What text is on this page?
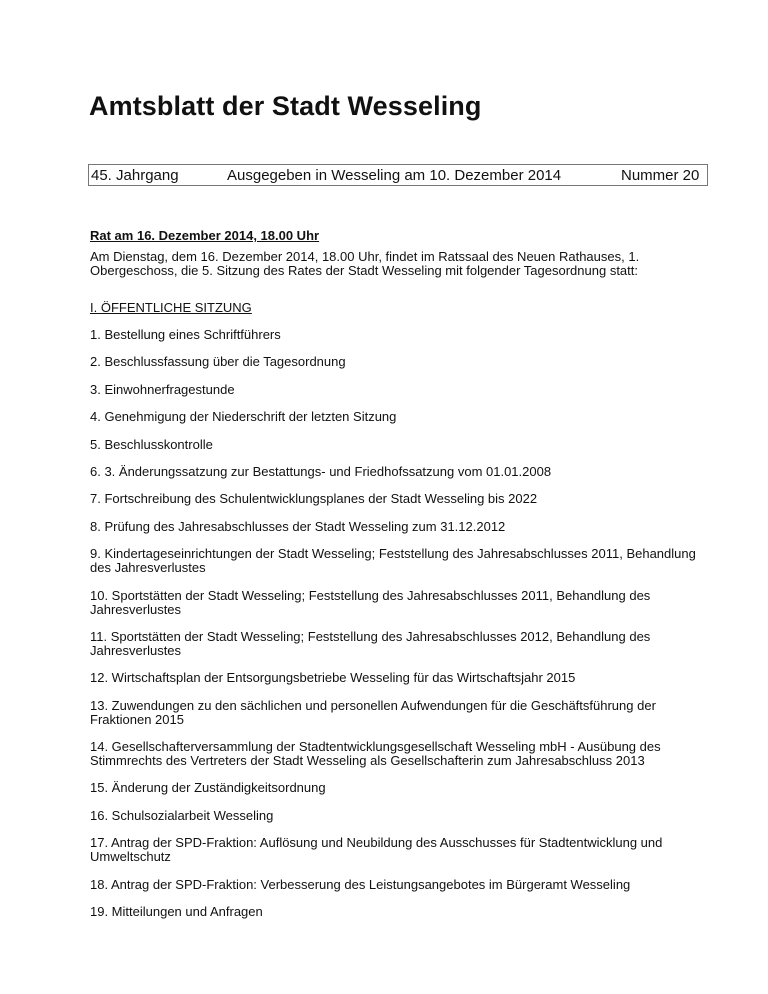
Amtsblatt der Stadt Wesseling
45. Jahrgang	Ausgegeben in Wesseling am 10. Dezember 2014	Nummer 20
Rat am 16. Dezember 2014, 18.00 Uhr
Am Dienstag, dem 16. Dezember 2014, 18.00 Uhr, findet im Ratssaal des Neuen Rathauses, 1. Obergeschoss, die 5. Sitzung des Rates der Stadt Wesseling mit folgender Tagesordnung statt:
I. ÖFFENTLICHE SITZUNG
1. Bestellung eines Schriftführers
2. Beschlussfassung über die Tagesordnung
3. Einwohnerfragestunde
4. Genehmigung der Niederschrift der letzten Sitzung
5. Beschlusskontrolle
6. 3. Änderungssatzung zur Bestattungs- und Friedhofssatzung vom 01.01.2008
7. Fortschreibung des Schulentwicklungsplanes der Stadt Wesseling bis 2022
8. Prüfung des Jahresabschlusses der Stadt Wesseling zum 31.12.2012
9. Kindertageseinrichtungen der Stadt Wesseling; Feststellung des Jahresabschlusses 2011, Behandlung des Jahresverlustes
10. Sportstätten der Stadt Wesseling; Feststellung des Jahresabschlusses 2011, Behandlung des Jahresverlustes
11. Sportstätten der Stadt Wesseling; Feststellung des Jahresabschlusses 2012, Behandlung des Jahresverlustes
12. Wirtschaftsplan der Entsorgungsbetriebe Wesseling für das Wirtschaftsjahr 2015
13. Zuwendungen zu den sächlichen und personellen Aufwendungen für die Geschäftsführung der Fraktionen 2015
14. Gesellschafterversammlung der Stadtentwicklungsgesellschaft Wesseling mbH - Ausübung des Stimmrechts des Vertreters der Stadt Wesseling als Gesellschafterin zum Jahresabschluss 2013
15. Änderung der Zuständigkeitsordnung
16. Schulsozialarbeit Wesseling
17. Antrag der SPD-Fraktion: Auflösung und Neubildung des Ausschusses für Stadtentwicklung und Umweltschutz
18. Antrag der SPD-Fraktion: Verbesserung des Leistungsangebotes im Bürgeramt Wesseling
19. Mitteilungen und Anfragen
